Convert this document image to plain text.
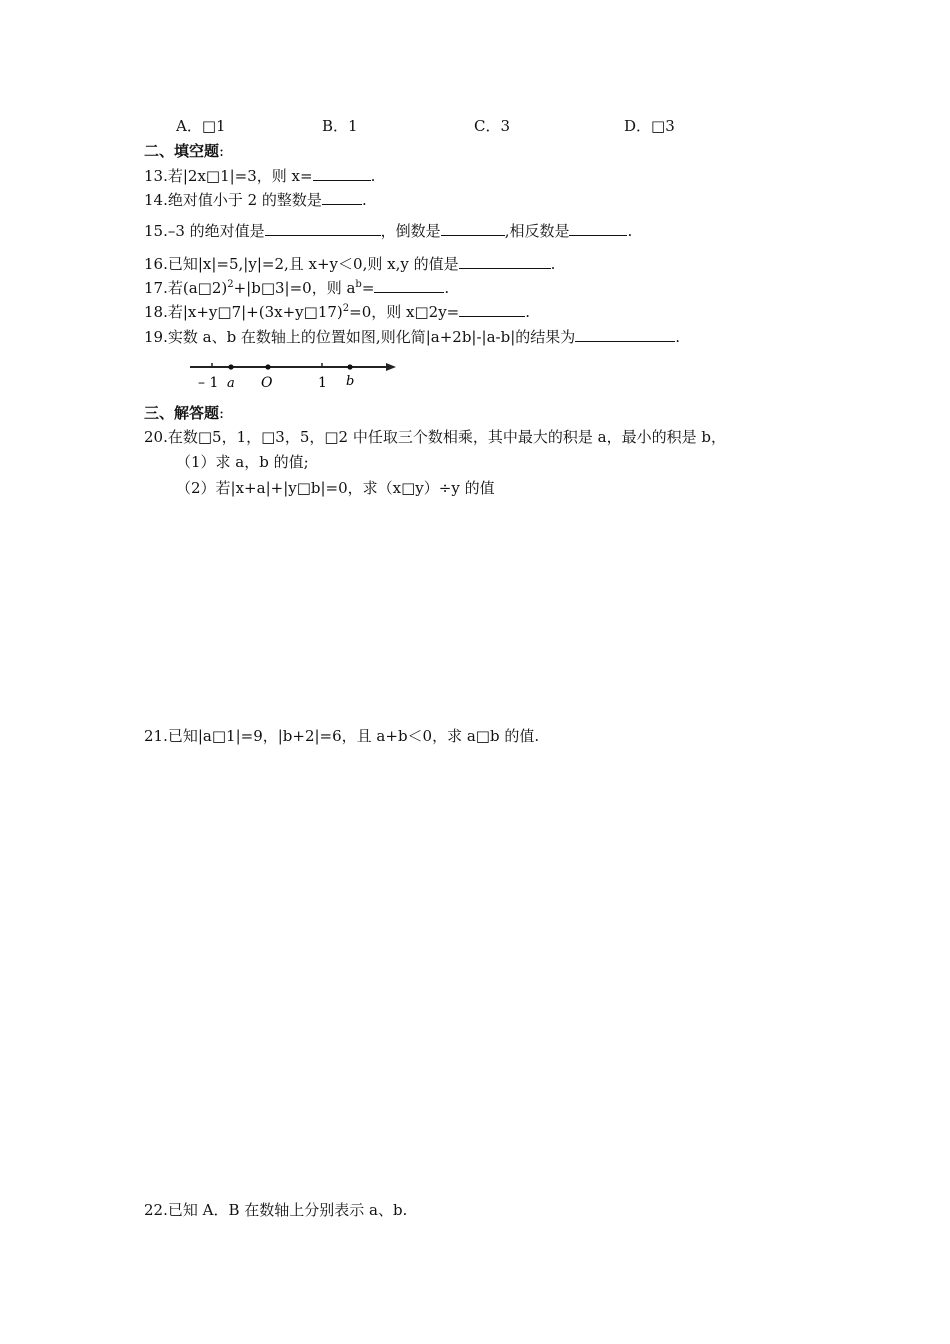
A．□1	B．1	C．3	D．□3
二、填空题:
13.若|2x□1|=3，则 x=	.
14.绝对值小于 2 的整数是	.
15.–3 的绝对值是	，倒数是	,相反数是	.
16.已知|x|=5,|y|=2,且 x+y＜0,则 x,y 的值是	.
17.若(a□2)$^2$+|b□3|=0，则 $a^b=$	.
18.若|x+y□7|+(3x+y□17)$^2$=0，则 x□2y=	.
19.实数 a、b 在数轴上的位置如图,则化简|a+2b|-|a-b|的结果为	.
– 1 a O	1 b
三、解答题:
20.在数□5，1，□3，5，□2 中任取三个数相乘，其中最大的积是 a，最小的积是 b，
（1）求 a，b 的值;
（2）若|x+a|+|y□b|=0，求（x□y）÷y 的值
21.已知|a□1|=9，|b+2|=6，且 a+b＜0，求 a□b 的值.
22.已知 A．B 在数轴上分别表示 a、b.
